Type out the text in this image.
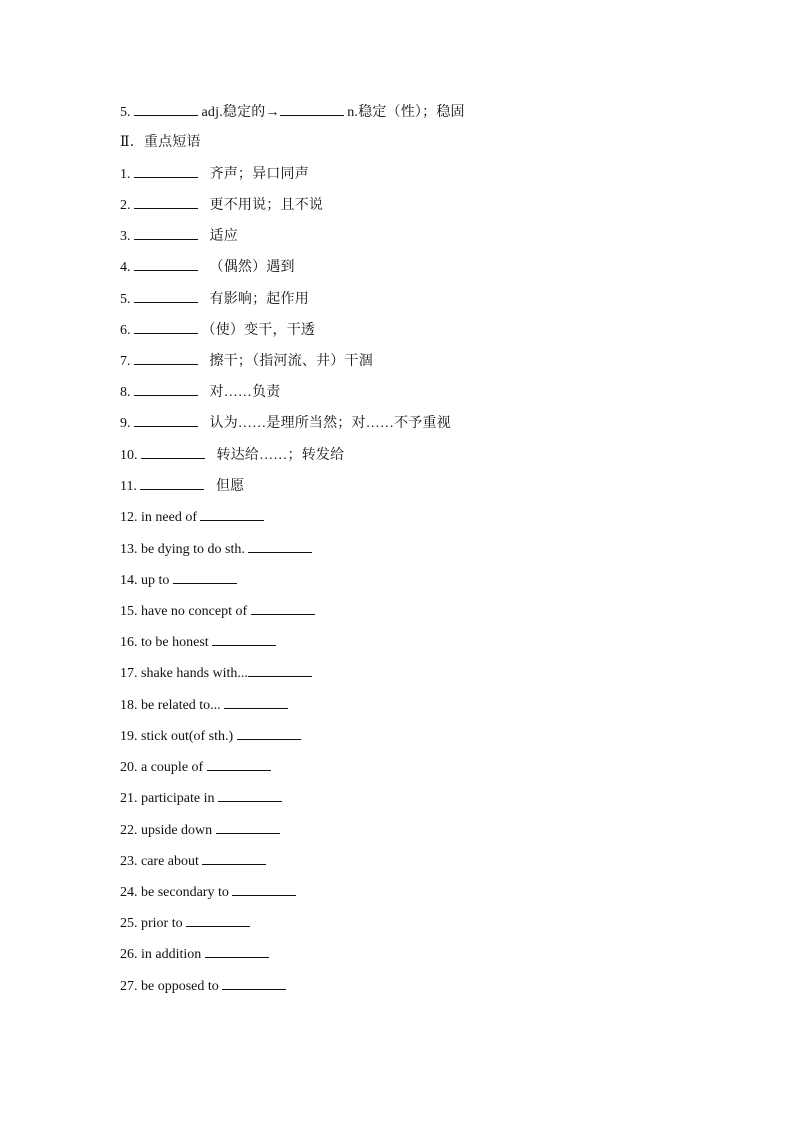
5.	adj.稳定的→	n.稳定（性）；稳固
Ⅱ．重点短语
1.	齐声；异口同声
2.	更不用说；且不说
3.	适应
4.	（偶然）遇到
5.	有影响；起作用
6.	（使）变干，干透
7.	擦干；（指河流、井）干涸
8.	对……负责
9.	认为……是理所当然；对……不予重视
10.	转达给……；转发给
11.	但愿
12. in need of
13. be dying to do sth.
14. up to
15. have no concept of
16. to be honest
17. shake hands with...
18. be related to...
19. stick out(of sth.)
20. a couple of
21. participate in
22. upside down
23. care about
24. be secondary to
25. prior to
26. in addition
27. be opposed to
